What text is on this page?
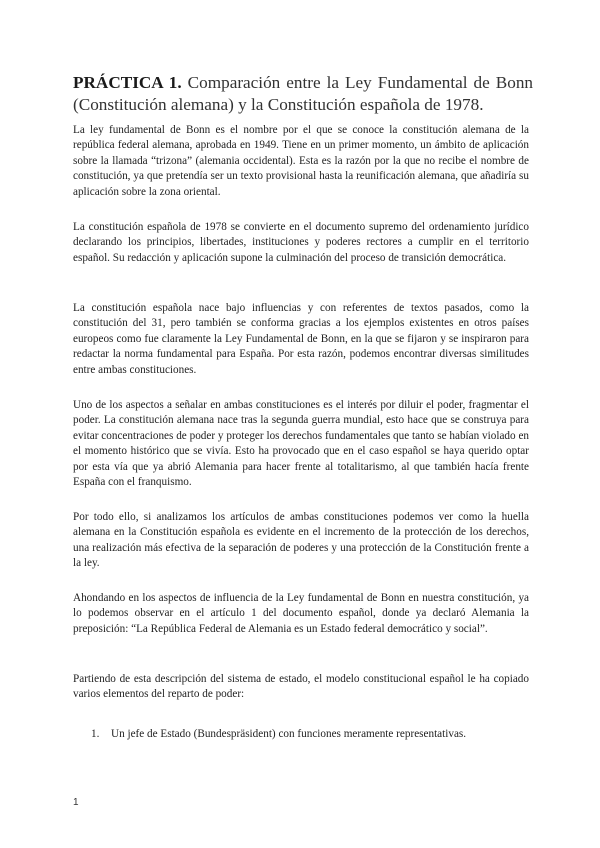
PRÁCTICA 1. Comparación entre la Ley Fundamental de Bonn (Constitución alemana) y la Constitución española de 1978.

La ley fundamental de Bonn es el nombre por el que se conoce la constitución alemana de la república federal alemana, aprobada en 1949. Tiene en un primer momento, un ámbito de aplicación sobre la llamada “trizona” (alemania occidental). Esta es la razón por la que no recibe el nombre de constitución, ya que pretendía ser un texto provisional hasta la reunificación alemana, que añadiría su aplicación sobre la zona oriental.

La constitución española de 1978 se convierte en el documento supremo del ordenamiento jurídico declarando los principios, libertades, instituciones y poderes rectores a cumplir en el territorio español. Su redacción y aplicación supone la culminación del proceso de transición democrática.

La constitución española nace bajo influencias y con referentes de textos pasados, como la constitución del 31, pero también se conforma gracias a los ejemplos existentes en otros países europeos como fue claramente la Ley Fundamental de Bonn, en la que se fijaron y se inspiraron para redactar la norma fundamental para España. Por esta razón, podemos encontrar diversas similitudes entre ambas constituciones.

Uno de los aspectos a señalar en ambas constituciones es el interés por diluir el poder, fragmentar el poder. La constitución alemana nace tras la segunda guerra mundial, esto hace que se construya para evitar concentraciones de poder y proteger los derechos fundamentales que tanto se habían violado en el momento histórico que se vivía. Esto ha provocado que en el caso español se haya querido optar por esta vía que ya abrió Alemania para hacer frente al totalitarismo, al que también hacía frente España con el franquismo.

Por todo ello, si analizamos los artículos de ambas constituciones podemos ver como la huella alemana en la Constitución española es evidente en el incremento de la protección de los derechos, una realización más efectiva de la separación de poderes y una protección de la Constitución frente a la ley.

Ahondando en los aspectos de influencia de la Ley fundamental de Bonn en nuestra constitución, ya lo podemos observar en el artículo 1 del documento español, donde ya declaró Alemania la preposición: “La República Federal de Alemania es un Estado federal democrático y social”.

Partiendo de esta descripción del sistema de estado, el modelo constitucional español le ha copiado varios elementos del reparto de poder:

1. Un jefe de Estado (Bundespräsident) con funciones meramente representativas.
1
